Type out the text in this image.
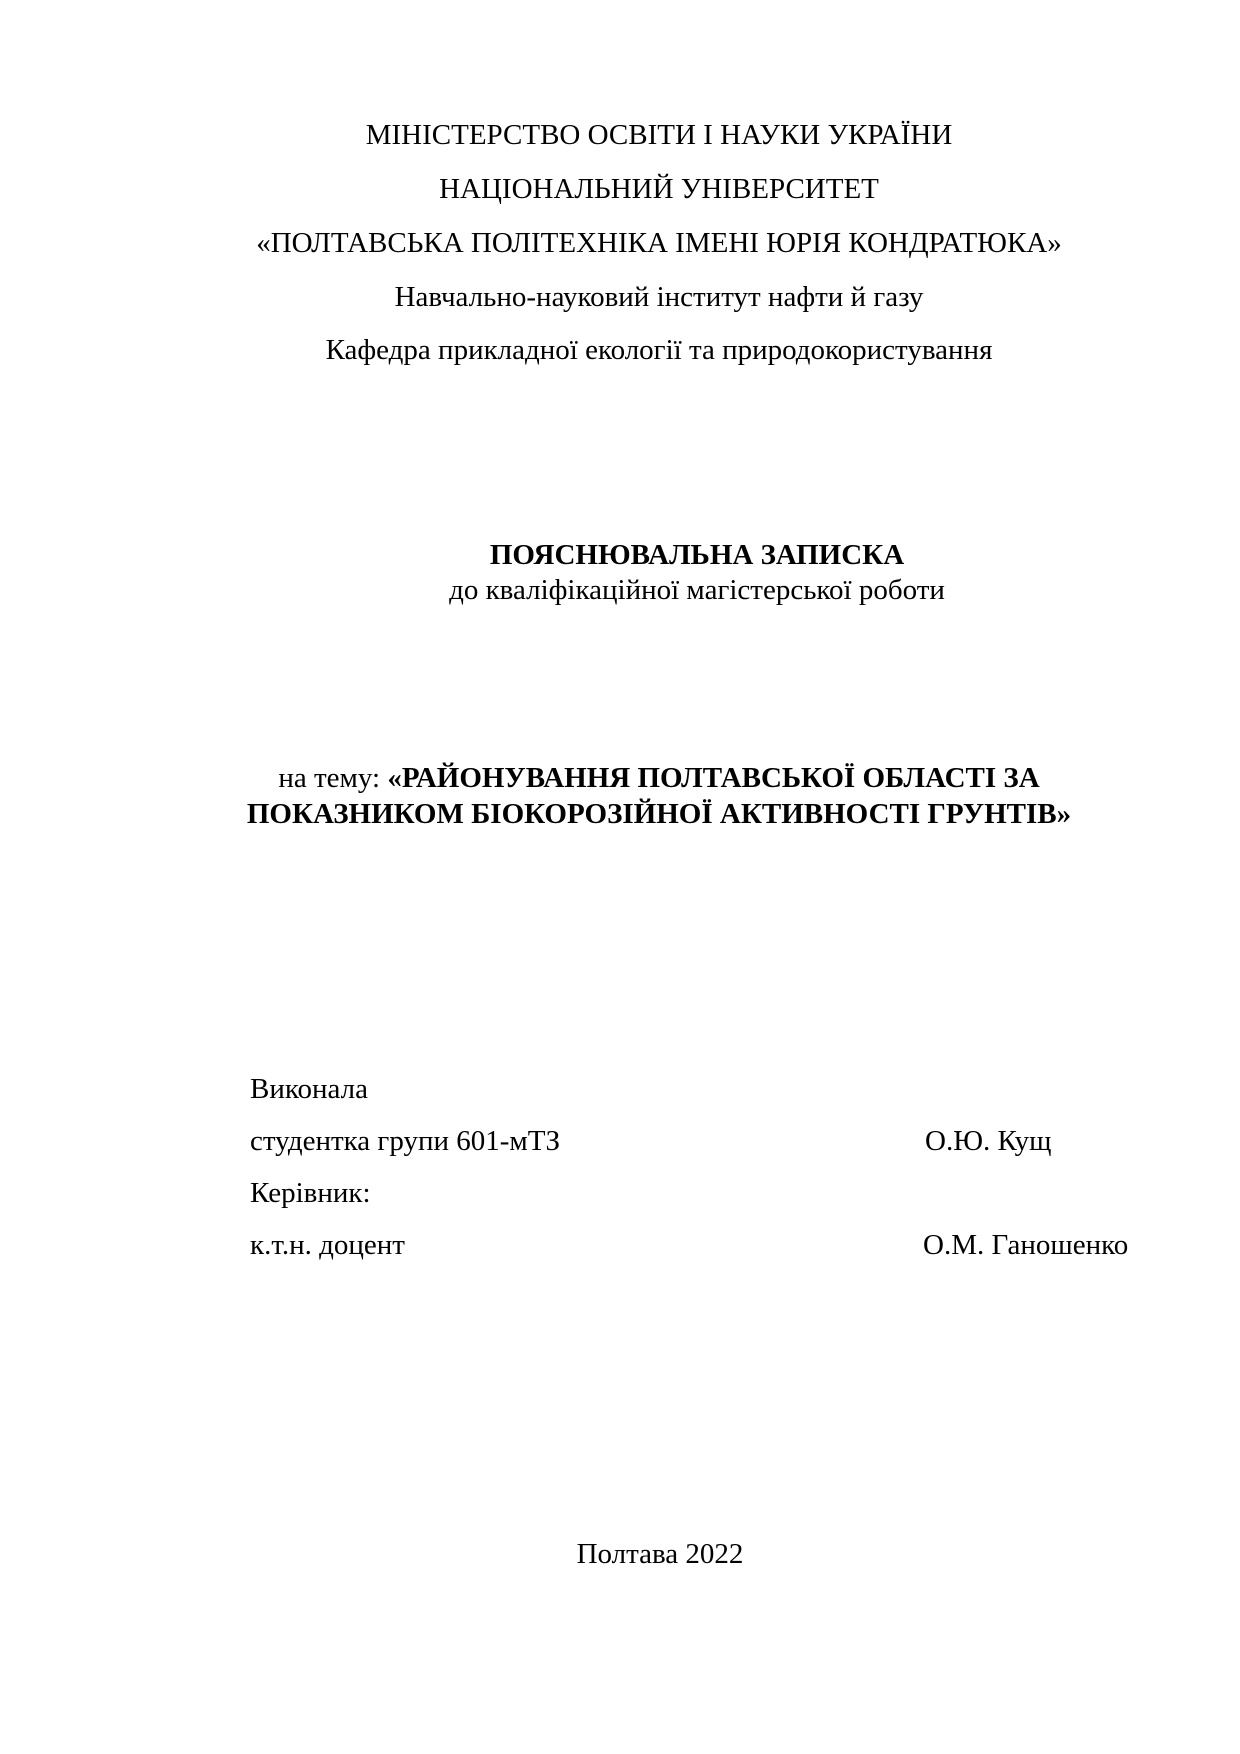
МІНІСТЕРСТВО ОСВІТИ І НАУКИ УКРАЇНИ
НАЦІОНАЛЬНИЙ УНІВЕРСИТЕТ
«ПОЛТАВСЬКА ПОЛІТЕХНІКА ІМЕНІ ЮРІЯ КОНДРАТЮКА»
Навчально-науковий інститут нафти й газу
Кафедра прикладної екології та природокористування
ПОЯСНЮВАЛЬНА ЗАПИСКА
до кваліфікаційної магістерської роботи
на тему: «РАЙОНУВАННЯ ПОЛТАВСЬКОЇ ОБЛАСТІ ЗА
ПОКАЗНИКОМ БІОКОРОЗІЙНОЇ АКТИВНОСТІ ГРУНТІВ»
Виконала
студентка групи 601-мТЗ	О.Ю. Кущ
Керівник:
к.т.н. доцент	О.М. Ганошенко
Полтава 2022
